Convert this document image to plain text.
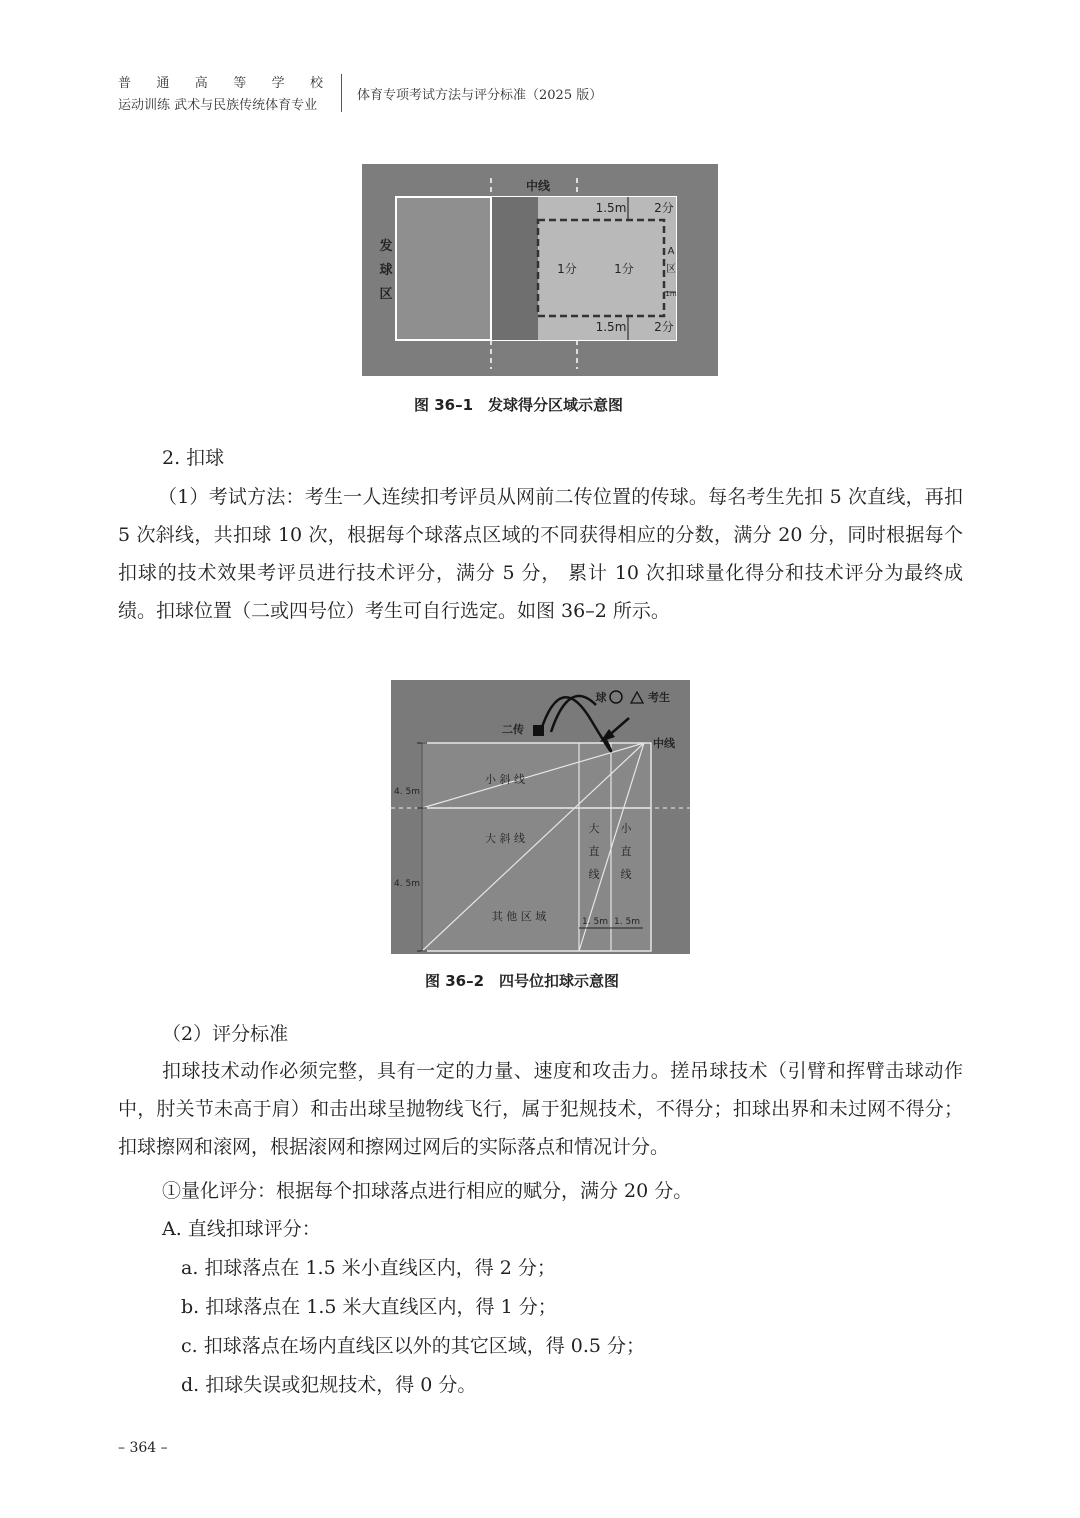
普 通 高 等 学 校
运动训练 武术与民族传统体育专业
体育专项考试方法与评分标准（2025 版）
中线
发
球
区
1.5m 2分
1分	1分
A
区
1m
1.5m 2分
图 36–1　发球得分区域示意图
2. 扣球
（1）考试方法：考生一人连续扣考评员从网前二传位置的传球。每名考生先扣 5 次直线，再扣 5 次斜线，共扣球 10 次，根据每个球落点区域的不同获得相应的分数，满分 20 分，同时根据每个扣球的技术效果考评员进行技术评分，满分 5 分， 累计 10 次扣球量化得分和技术评分为最终成绩。扣球位置（二或四号位）考生可自行选定。如图 36–2 所示。
球	考生
二传
中线
4. 5m
4. 5m
小 斜 线
大 斜 线
其 他 区 域
大
直
线
小
直
线
1. 5m 1. 5m
图 36–2　四号位扣球示意图
（2）评分标准
扣球技术动作必须完整，具有一定的力量、速度和攻击力。搓吊球技术（引臂和挥臂击球动作中，肘关节未高于肩）和击出球呈抛物线飞行，属于犯规技术，不得分；扣球出界和未过网不得分；扣球擦网和滚网，根据滚网和擦网过网后的实际落点和情况计分。
①量化评分：根据每个扣球落点进行相应的赋分，满分 20 分。
A. 直线扣球评分：
a. 扣球落点在 1.5 米小直线区内，得 2 分；
b. 扣球落点在 1.5 米大直线区内，得 1 分；
c. 扣球落点在场内直线区以外的其它区域，得 0.5 分；
d. 扣球失误或犯规技术，得 0 分。
– 364 –
